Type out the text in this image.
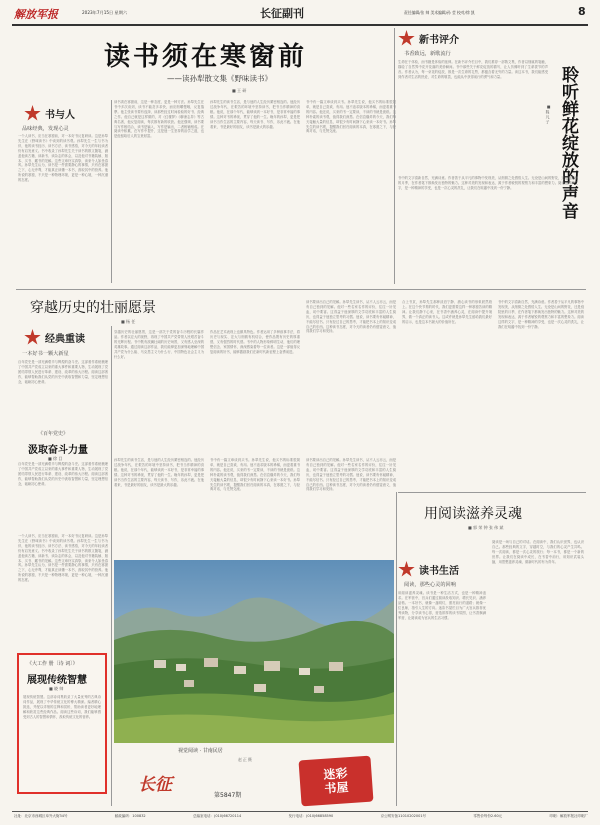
解放军报	2023年7月15日 星期六	长征副刊	责任编辑/张 帅 美术编辑/孙 莹 校对/徐 凯	8
读书须在寒窗前
——读孙犁散文集《野味读书》
■ 王 研
书与人
品味经典，发现心灵
一个人读书，应当在寒窗前，对一本好书反复研读。这是孙犁先生在《野味读书》中谈到的读书观。孙犁先生一生与书为伴，他的读书经历、读书方法、读书感悟，对今天的年轻读者仍有启发意义。书中收录了孙犁先生关于读书的散文随笔，涵盖他读古籍、读新书、读杂志的体会，以及他对书籍装帧、版本、买书、藏书的见解。这些文章朴实真挚，读来令人如坐春风。孙犁先生认为，读书是一件需要静心的事情，只有在寒窗之下，心无旁骛，才能真正读懂一本书，汲取其中的营养。他所说的寒窗，不只是一种物理环境，更是一种心境，一种沉潜的态度。
读书须在寒窗前，这是一种态度，更是一种方法。孙犁先生在书中多次谈到，读书不能贪多求快，而应细嚼慢咽，反复揣摩。他主张读书要有选择，读那些经过时间检验的好书、经典之作。他自己就是这样做的，对《红楼梦》《聊斋志异》等古典名著，他反复阅读，每次都有新的收获。他还强调，读书要与写作相结合，读书是输入，写作是输出，二者相辅相成。在阅读中积累，在写作中提升，这是他一生坚持的治学之道，也是他留给后人的宝贵财富。
孙犁先生的读书生活，是与他的人生经历紧密相连的。他经历过战争年代，在艰苦的环境中坚持读书，把书当作精神的食粮。他说，在那个年代，能够读到一本好书，是非常幸福的事情。这种对书的珍视，贯穿了他的一生。晚年的孙犁，更是把读书当作生活的主要内容，每天读书、写作，乐此不疲。在他看来，书是最好的朋友，读书是最大的乐趣。
书中有一篇文章谈到买书。孙犁先生说，他买书的标准很简单，就是自己喜欢、有用。他不追求版本的珍稀，而更看重书的内容。他还说，买来的书一定要读，不读的书就是废纸。这种朴素的读书观，值得我们深思。在信息爆炸的今天，我们每天接触大量的信息，却很少有时间静下心来读一本好书。孙犁先生的读书观，提醒我们回归阅读的本真，在寒窗之下，与经典对话，与先贤交流。
新书评介
书香致远，新歌流行
生命在于体验，而书籍是体验的延伸。在新书评介栏目中，我们推荐一部散文集，作者以细腻的笔触，描绘了自然界中花开花落的美妙瞬间。书中那些关于鲜花绽放的描写，让人仿佛听到了生命拔节的声音。作者认为，每一朵花的绽放，都是一次生命的礼赞，都蕴含着无穷的力量。读这本书，我们能感受到作者对生活的热爱，对生命的敬畏，也能从中获得前行的勇气和力量。	聆听鲜花绽放的声音
■ 程 凡 子
书中的文字清新自然，充满诗意。作者善于从平凡的事物中发现美，从细微之处感悟人生。无论是山间的野花，还是庭院里的月季，在作者笔下都焕发出独特的魅力。这种对美的发现和表达，源于作者敏锐的观察力和丰富的想象力。阅读这样的文字，是一种精神的享受，也是一次心灵的洗礼，让我们在喧嚣中找到一份宁静。
穿越历史的壮丽愿景
■ 杨 任
经典重读
一本好书一颗大新星
百年党史是一部充满艰辛与辉煌的奋斗史。这部著作系统梳理了中国共产党成立以来的重大事件和重要人物，生动展现了党团结带领人民进行革命、建设、改革的伟大历程。阅读这部著作，能够帮助我们从党的历史中汲取智慧和力量，坚定理想信念，砥砺初心使命。
《百年党史》
汲取奋斗力量
■ 徐 目
百年党史是一部充满艰辛与辉煌的奋斗史。这部著作系统梳理了中国共产党成立以来的重大事件和重要人物，生动展现了党团结带领人民进行革命、建设、改革的伟大历程。阅读这部著作，能够帮助我们从党的历史中汲取智慧和力量，坚定理想信念，砥砺初心使命。
《大工作 册〔诗 词〕》
展现传统智慧
■ 晓 帅
展现传统智慧。这部诗词集收录了大量优秀的古典诗词作品，展现了中华传统文化的博大精深。编者精心挑选，并配以详细的注释和赏析，帮助读者更好地理解和欣赏这些经典作品。阅读这些诗词，我们能够感受到古人的智慧和情怀，汲取传统文化的营养。
一个人读书，应当在寒窗前，对一本好书反复研读。这是孙犁先生在《野味读书》中谈到的读书观。孙犁先生一生与书为伴，他的读书经历、读书方法、读书感悟，对今天的年轻读者仍有启发意义。书中收录了孙犁先生关于读书的散文随笔，涵盖他读古籍、读新书、读杂志的体会，以及他对书籍装帧、版本、买书、藏书的见解。这些文章朴实真挚，读来令人如坐春风。孙犁先生认为，读书是一件需要静心的事情，只有在寒窗之下，心无旁骛，才能真正读懂一本书，汲取其中的营养。他所说的寒窗，不只是一种物理环境，更是一种心境，一种沉潜的态度。
穿越历史的壮丽愿景，这是一部关于党的奋斗历程的长篇作品。作者以宏大的视野，再现了中国共产党带领人民艰苦奋斗的光辉历程。书中既有波澜壮阔的历史场景，又有感人至深的英雄故事。通过阅读这部作品，我们能够更加深刻地理解中国共产党为什么能、马克思主义为什么行、中国特色社会主义为什么好。
作品在艺术表现上也颇具特色。作者运用了多种叙事手法，将历史与现实、宏大与细微有机结合，使作品既有历史的厚重感，又有强烈的时代感。书中的人物形象鲜明生动，他们的理想信念、家国情怀，深深感染着每一位读者。这是一部值得反复阅读的好书，能够激励我们在新时代新征程上奋勇前进。
读书要读出自己的见解。孙犁先生读书，从不人云亦云，而是有自己独到的见解。他对一些名家名作的评价，往往一针见血，切中要害。这得益于他深厚的文学功底和丰富的人生阅历，也得益于他独立思考的习惯。他说，读书要有怀疑精神，不能尽信书。只有经过自己的思考，才能把书本上的知识变成自己的东西。这种读书态度，对今天的读者仍有借鉴意义，值得我们学习和发扬。
合上书页，孙犁先生那种淡泊宁静、潜心读书的形象跃然纸上。在这个快节奏的时代，我们更需要这样一种寒窗苦读的精神。让我们静下心来，在书香中涵养心灵，在阅读中提升境界，做一个真正的读书人。这或许就是孙犁先生留给我们最好的启示，也是这本书最大的价值所在。
书中的文字清新自然，充满诗意。作者善于从平凡的事物中发现美，从细微之处感悟人生。无论是山间的野花，还是庭院里的月季，在作者笔下都焕发出独特的魅力。这种对美的发现和表达，源于作者敏锐的观察力和丰富的想象力。阅读这样的文字，是一种精神的享受，也是一次心灵的洗礼，让我们在喧嚣中找到一份宁静。
用阅读滋养灵魂
■ 郭 荣 钟 张 伟 斌
孙犁先生的读书生活，是与他的人生经历紧密相连的。他经历过战争年代，在艰苦的环境中坚持读书，把书当作精神的食粮。他说，在那个年代，能够读到一本好书，是非常幸福的事情。这种对书的珍视，贯穿了他的一生。晚年的孙犁，更是把读书当作生活的主要内容，每天读书、写作，乐此不疲。在他看来，书是最好的朋友，读书是最大的乐趣。
书中有一篇文章谈到买书。孙犁先生说，他买书的标准很简单，就是自己喜欢、有用。他不追求版本的珍稀，而更看重书的内容。他还说，买来的书一定要读，不读的书就是废纸。这种朴素的读书观，值得我们深思。在信息爆炸的今天，我们每天接触大量的信息，却很少有时间静下心来读一本好书。孙犁先生的读书观，提醒我们回归阅读的本真，在寒窗之下，与经典对话，与先贤交流。
读书要读出自己的见解。孙犁先生读书，从不人云亦云，而是有自己独到的见解。他对一些名家名作的评价，往往一针见血，切中要害。这得益于他深厚的文学功底和丰富的人生阅历，也得益于他独立思考的习惯。他说，读书要有怀疑精神，不能尽信书。只有经过自己的思考，才能把书本上的知识变成自己的东西。这种读书态度，对今天的读者仍有借鉴意义，值得我们学习和发扬。
视觉阅读 · 甘南民居
赵 正 摄
长征
第5847期
迷彩
书屋
读书生活
阅读，那些心灵的回响
用阅读滋养灵魂。读书是一种生活方式，也是一种精神追求。在军营中，官兵们通过阅读汲取知识、增长见识、涵养品格。一本好书，就像一盏明灯，照亮前行的道路；就像一位良师，指引人生的方向。迷彩书屋栏目为广大官兵推荐优秀读物，分享读书心得，营造浓厚的读书氛围，让书香飘满军营，让阅读成为官兵的生活习惯。
阅读是一场与自己的对话。在阅读中，我们认识世界，也认识自己。那些经典的文字，穿越时空，与我们的心灵产生共鸣。每一次阅读，都是一次心灵的旅行；每一本书，都是一个新的世界。让我们在阅读中成长，在书香中前行，用知识武装头脑，用思想滋养灵魂，做新时代的有为青年。
社址：北京市西城区阜外大街34号	邮政编码：100832	总编室电话：(010)66720114	发行电话：(010)66858590	京公网安备11010202001号	零售价每份2.60元	印刷：解放军报社印刷厂
